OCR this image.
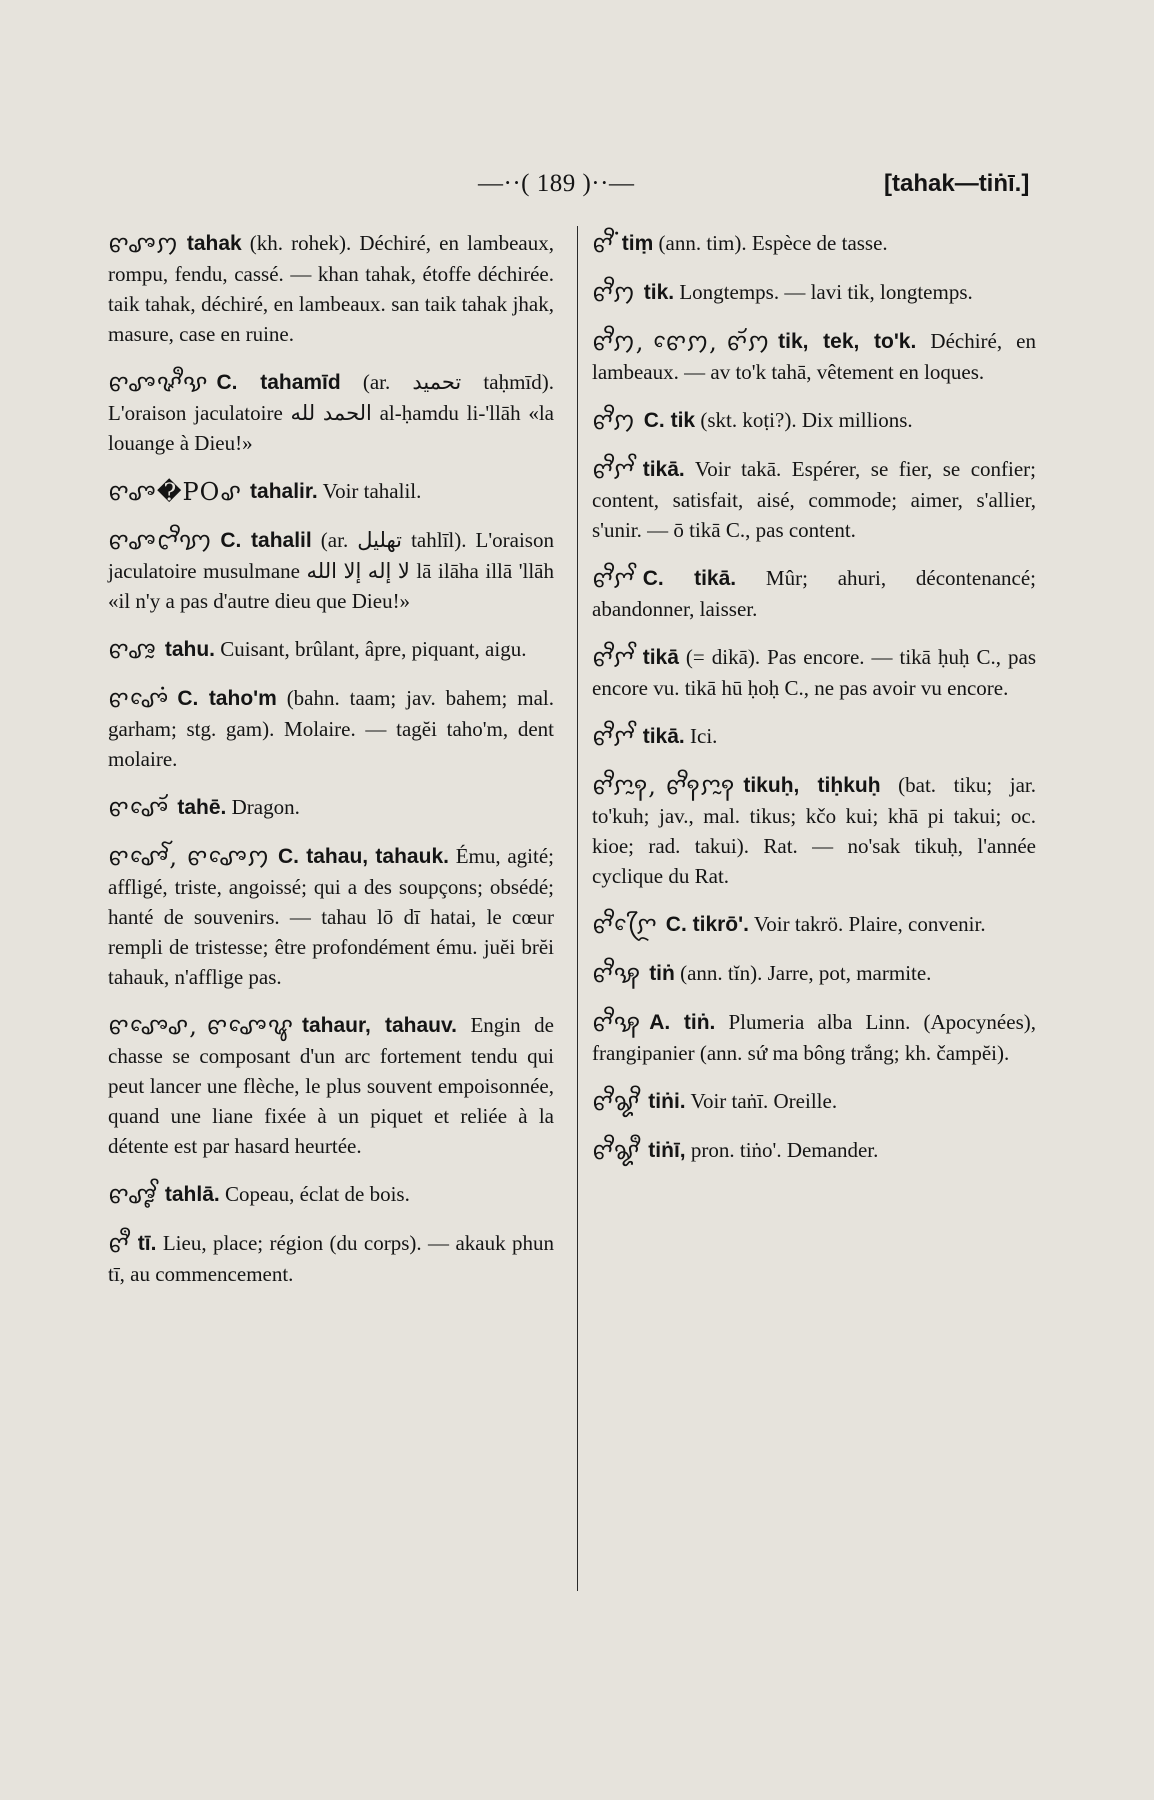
—··( 189 )··—	[tahak—tiṅī.]

ꨓꨨꩀ tahak (kh. rohek). Déchiré, en lambeaux, rompu, fendu, cassé. — khan tahak, étoffe déchirée. taik tahak, déchiré, en lambeaux. san taik tahak jhak, masure, case en ruine.

ꨓꨨꨟꨫꨕ C. tahamīd (ar. تحميد taḥmīd). L'oraison jaculatoire الحمد لله al-ḥamdu li-'llāh «la louange à Dieu!»

ꨓꨨ�POꨣ tahalir. Voir tahalil.

ꨓꨨꨤꨪꩈ C. tahalil (ar. تهليل tahlīl). L'oraison jaculatoire musulmane لا إله إلا الله lā ilāha illā 'llāh «il n'y a pas d'autre dieu que Dieu!»

ꨓꨨꨭ tahu. Cuisant, brûlant, âpre, piquant, aigu.

ꨓꨨꨯꩌ C. taho'm (bahn. taam; jav. bahem; mal. garham; stg. gam). Molaire. — tagĕi taho'm, dent molaire.

ꨓꨨꨯꨮ tahē. Dragon.

ꨓꨨꨯꨱ, ꨓꨨꨯꩀ C. tahau, tahauk. Ému, agité; affligé, triste, angoissé; qui a des soupçons; obsédé; hanté de souvenirs. — tahau lō dī hatai, le cœur rempli de tristesse; être profondément ému. juĕi brĕi tahauk, n'afflige pas.

ꨓꨨꨯꨣ, ꨓꨨꨯꨥ tahaur, tahauv. Engin de chasse se composant d'un arc fortement tendu qui peut lancer une flèche, le plus souvent empoisonnée, quand une liane fixée à un piquet et reliée à la détente est par hasard heurtée.

ꨓꨨꨵꨩ tahlā. Copeau, éclat de bois.

ꨓꨫ tī. Lieu, place; région (du corps). — akauk phun tī, au commencement.

ꨓꨪꩌ tiṃ (ann. tim). Espèce de tasse.

ꨓꨪꩀ tik. Longtemps. — lavi tik, longtemps.

ꨓꨪꩀ, ꨓꨯꩀ, ꨓꨮꩀ tik, tek, to'k. Déchiré, en lambeaux. — av to'k tahā, vêtement en loques.

ꨓꨪꩀ C. tik (skt. koṭi?). Dix millions.

ꨓꨪꨆꨩ tikā. Voir takā. Espérer, se fier, se confier; content, satisfait, aisé, commode; aimer, s'allier, s'unir. — ō tikā C., pas content.

ꨓꨪꨆꨩ C. tikā. Mûr; ahuri, décontenancé; abandonner, laisser.

ꨓꨪꨆꨩ tikā (= dikā). Pas encore. — tikā ḥuḥ C., pas encore vu. tikā hū ḥoḥ C., ne pas avoir vu encore.

ꨓꨪꨆꨩ tikā. Ici.

ꨓꨪꨆꨭꩍ, ꨓꨪꩍꨆꨭꩍ tikuḥ, tiḥkuḥ (bat. tiku; jar. to'kuh; jav., mal. tikus; kčo kui; khā pi takui; oc. kioe; rad. takui). Rat. — no'sak tikuḥ, l'année cyclique du Rat.

ꨓꨪꨆꨴꨯ C. tikrō'. Voir takrö. Plaire, convenir.

ꨓꨪꩂ tiṅ (ann. tĭn). Jarre, pot, marmite.

ꨓꨪꩂ A. tiṅ. Plumeria alba Linn. (Apocynées), frangipanier (ann. sứ ma bông trắng; kh. čampĕi).

ꨓꨪꨘꨪ tiṅi. Voir taṅī. Oreille.

ꨓꨪꨘꨫ tiṅī, pron. tiṅo'. Demander.
